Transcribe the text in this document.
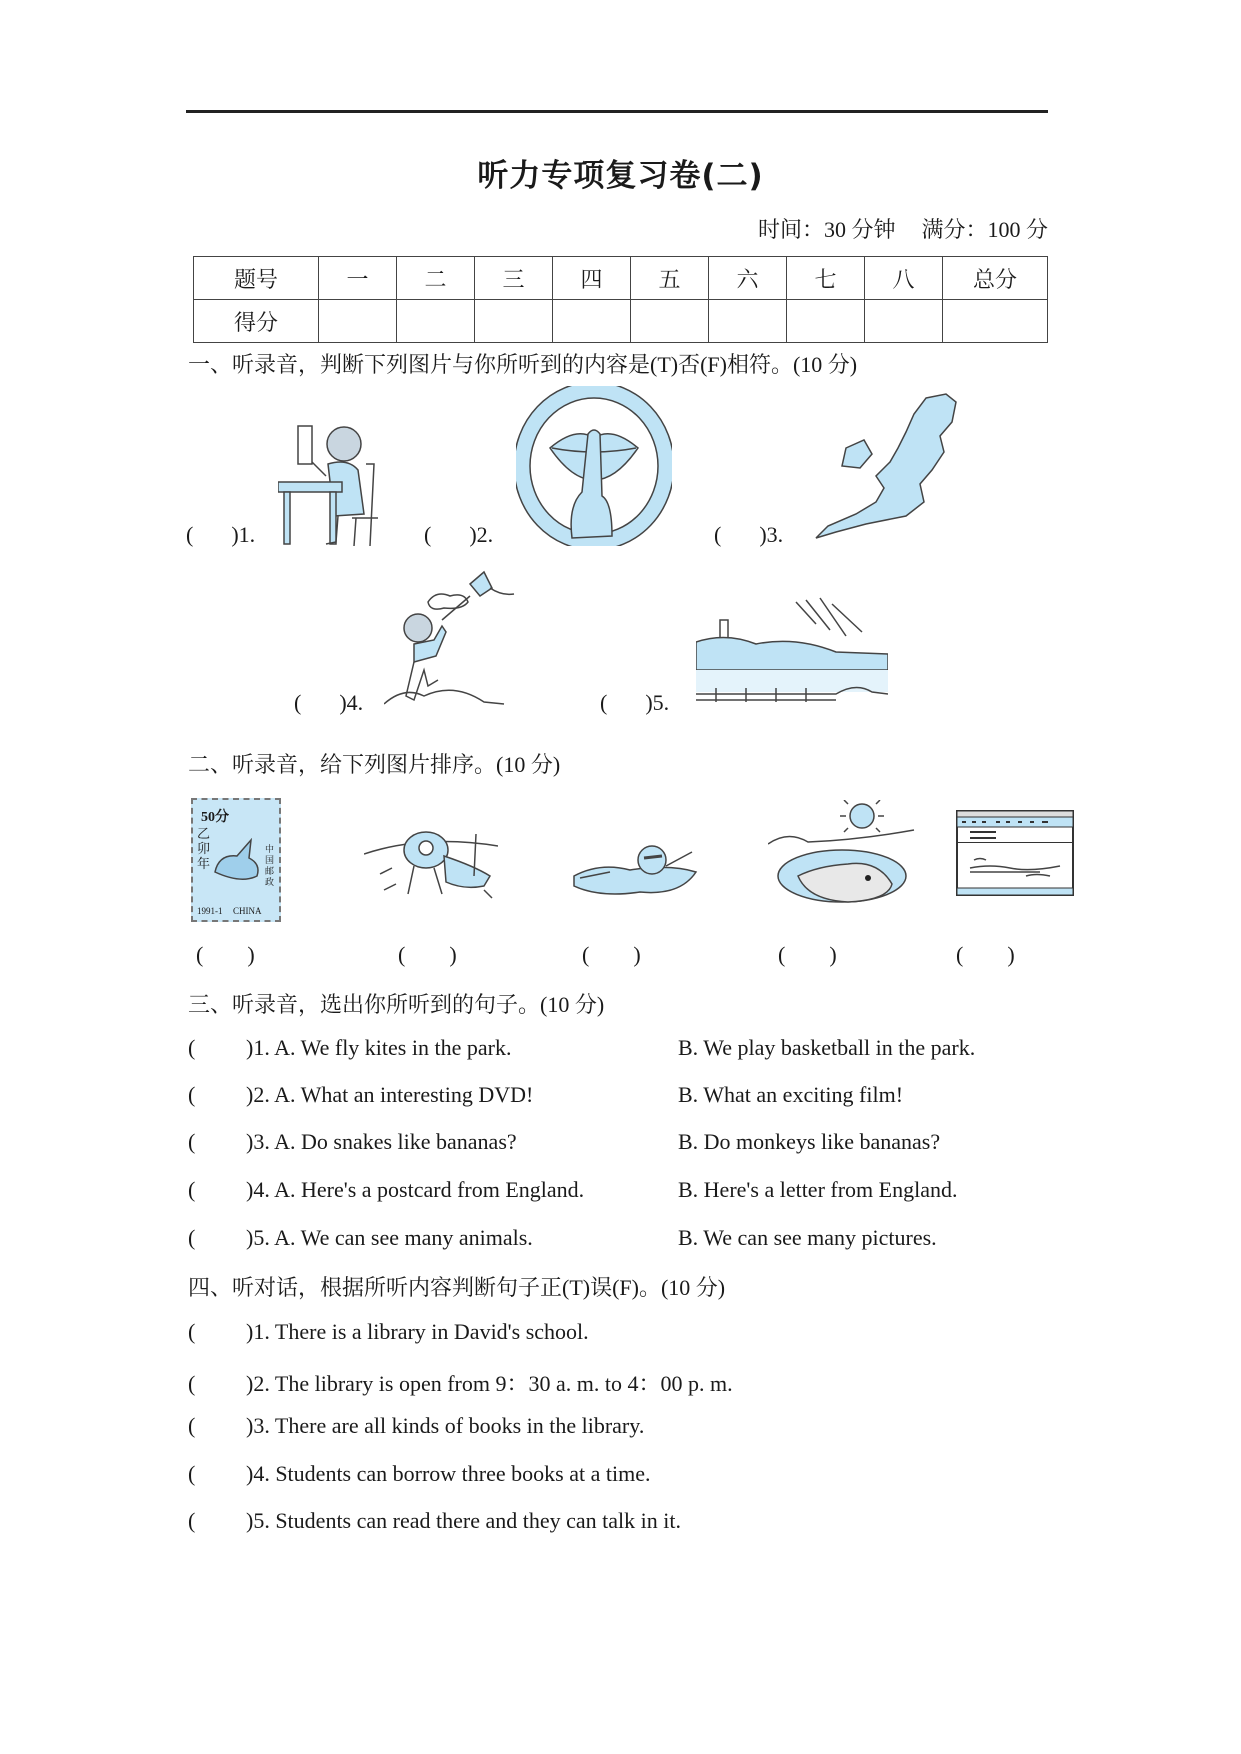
听力专项复习卷(二)
时间：30 分钟 满分：100 分
题号	一	二	三	四	五	六	七	八	总分
得分									
一、听录音，判断下列图片与你所听到的内容是(T)否(F)相符。(10 分)
( )1.	( )2.	( )3.
( )4.	( )5.
二、听录音，给下列图片排序。(10 分)
50分
乙卯年
中国邮政
1991-1 CHINA
(　　)	(　　)	(　　)	(　　)	(　　)
三、听录音，选出你所听到的句子。(10 分)
( )1. A. We fly kites in the park.	B. We play basketball in the park.
( )2. A. What an interesting DVD!	B. What an exciting film!
( )3. A. Do snakes like bananas?	B. Do monkeys like bananas?
( )4. A. Here's a postcard from England.	B. Here's a letter from England.
( )5. A. We can see many animals.	B. We can see many pictures.
四、听对话，根据所听内容判断句子正(T)误(F)。(10 分)
( )1. There is a library in David's school.
( )2. The library is open from 9：30 a. m. to 4：00 p. m.
( )3. There are all kinds of books in the library.
( )4. Students can borrow three books at a time.
( )5. Students can read there and they can talk in it.
